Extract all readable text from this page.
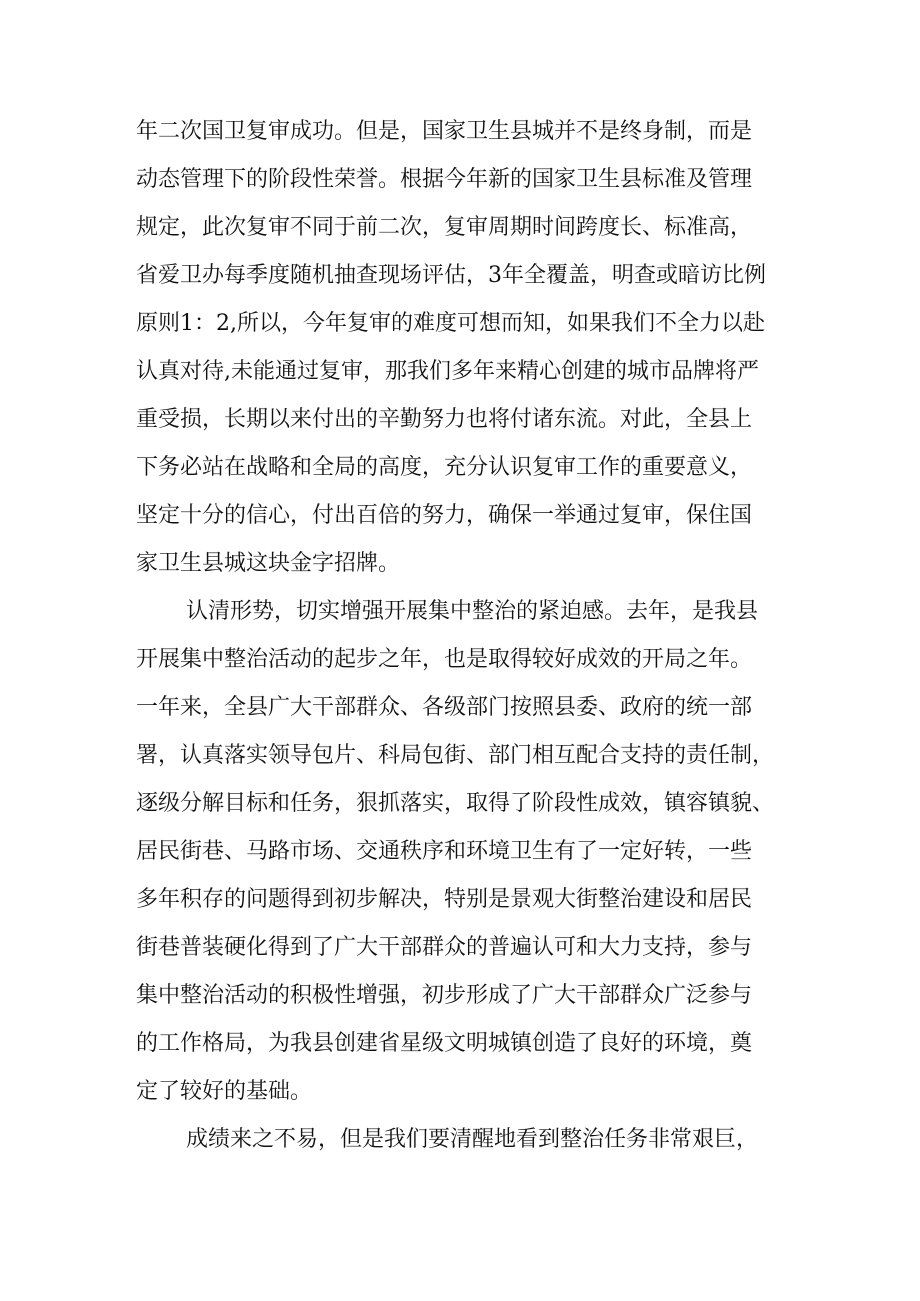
年二次国卫复审成功。但是，国家卫生县城并不是终身制，而是
动态管理下的阶段性荣誉。根据今年新的国家卫生县标准及管理
规定，此次复审不同于前二次，复审周期时间跨度长、标准高，
省爱卫办每季度随机抽查现场评估，3年全覆盖，明查或暗访比例
原则1：2,所以，今年复审的难度可想而知，如果我们不全力以赴
认真对待,未能通过复审，那我们多年来精心创建的城市品牌将严
重受损，长期以来付出的辛勤努力也将付诸东流。对此，全县上
下务必站在战略和全局的高度，充分认识复审工作的重要意义，
坚定十分的信心，付出百倍的努力，确保一举通过复审，保住国
家卫生县城这块金字招牌。
认清形势，切实增强开展集中整治的紧迫感。去年，是我县
开展集中整治活动的起步之年，也是取得较好成效的开局之年。
一年来，全县广大干部群众、各级部门按照县委、政府的统一部
署，认真落实领导包片、科局包街、部门相互配合支持的责任制，
逐级分解目标和任务，狠抓落实，取得了阶段性成效，镇容镇貌、
居民街巷、马路市场、交通秩序和环境卫生有了一定好转，一些
多年积存的问题得到初步解决，特别是景观大街整治建设和居民
街巷普装硬化得到了广大干部群众的普遍认可和大力支持，参与
集中整治活动的积极性增强，初步形成了广大干部群众广泛参与
的工作格局，为我县创建省星级文明城镇创造了良好的环境，奠
定了较好的基础。
成绩来之不易，但是我们要清醒地看到整治任务非常艰巨，
